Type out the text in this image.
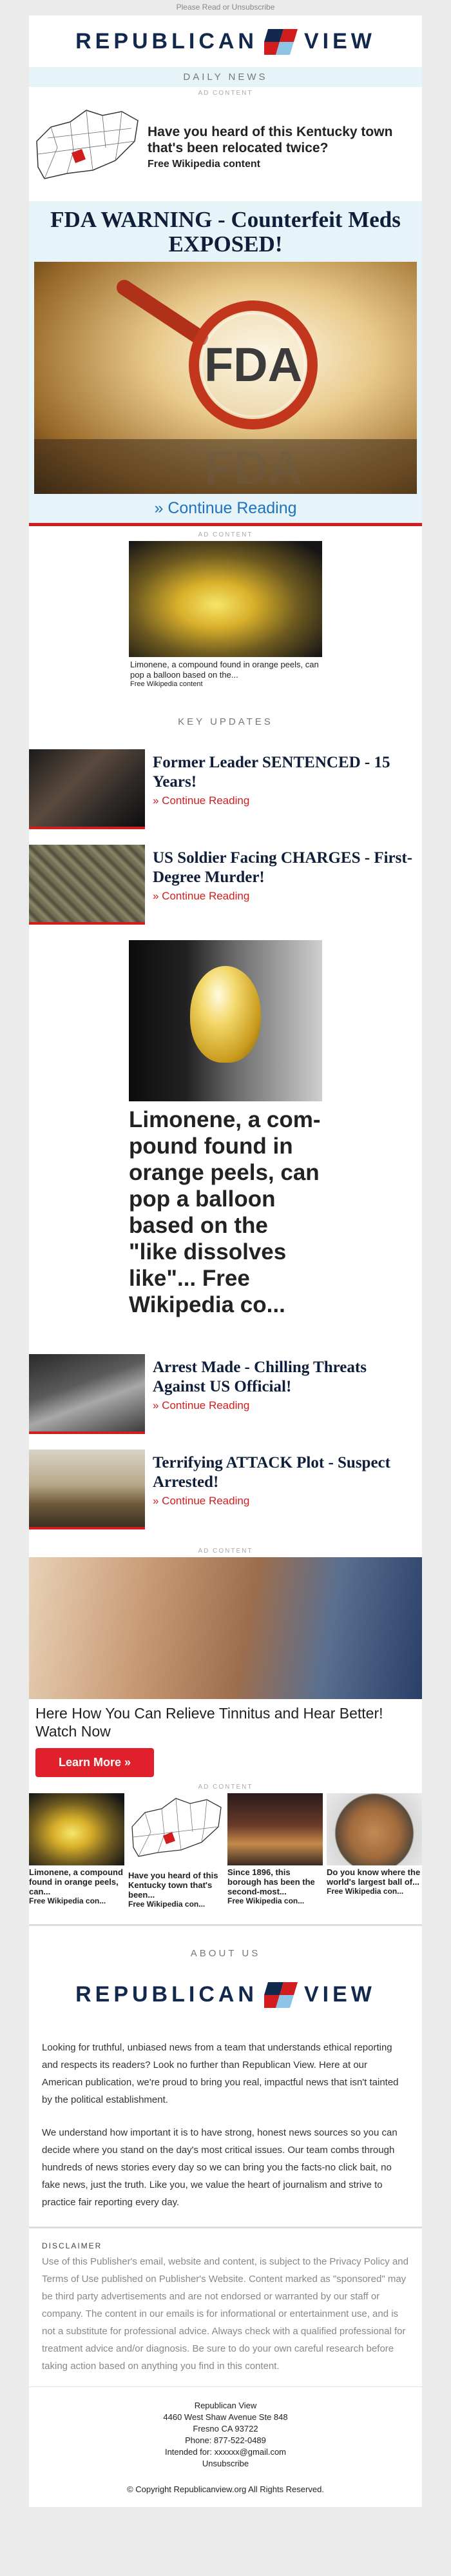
Please Read or Unsubscribe
REPUBLICAN VIEW
DAILY NEWS
AD CONTENT
Have you heard of this Kentucky town that's been relocated twice?
Free Wikipedia content
FDA WARNING - Counterfeit Meds EXPOSED!
FDA
FDA
» Continue Reading
AD CONTENT
Limonene, a compound found in orange peels, can pop a balloon based on the...
Free Wikipedia content
KEY UPDATES
Former Leader SENTENCED - 15 Years!
» Continue Reading
US Soldier Facing CHARGES - First-Degree Murder!
» Continue Reading
Limonene, a compound found in orange peels, can pop a balloon based on the "like dissolves like"... Free Wikipedia co...
Arrest Made - Chilling Threats Against US Official!
» Continue Reading
Terrifying ATTACK Plot - Suspect Arrested!
» Continue Reading
AD CONTENT
Here How You Can Relieve Tinnitus and Hear Better! Watch Now
Learn More »
AD CONTENT
Limonene, a compound found in orange peels, can...
Free Wikipedia con...
Have you heard of this Kentucky town that's been...
Free Wikipedia con...
Since 1896, this borough has been the second-most...
Free Wikipedia con...
Do you know where the world's largest ball of...
Free Wikipedia con...
ABOUT US
REPUBLICAN VIEW

Looking for truthful, unbiased news from a team that understands ethical reporting and respects its readers? Look no further than Republican View. Here at our American publication, we're proud to bring you real, impactful news that isn't tainted by the political establishment.

We understand how important it is to have strong, honest news sources so you can decide where you stand on the day's most critical issues. Our team combs through hundreds of news stories every day so we can bring you the facts-no click bait, no fake news, just the truth. Like you, we value the heart of journalism and strive to practice fair reporting every day.

DISCLAIMER
Use of this Publisher's email, website and content, is subject to the Privacy Policy and Terms of Use published on Publisher's Website. Content marked as "sponsored" may be third party advertisements and are not endorsed or warranted by our staff or company. The content in our emails is for informational or entertainment use, and is not a substitute for professional advice. Always check with a qualified professional for treatment advice and/or diagnosis. Be sure to do your own careful research before taking action based on anything you find in this content.
Republican View
4460 West Shaw Avenue Ste 848
Fresno CA 93722
Phone: 877-522-0489
Intended for: xxxxxx@gmail.com
Unsubscribe
© Copyright Republicanview.org All Rights Reserved.
